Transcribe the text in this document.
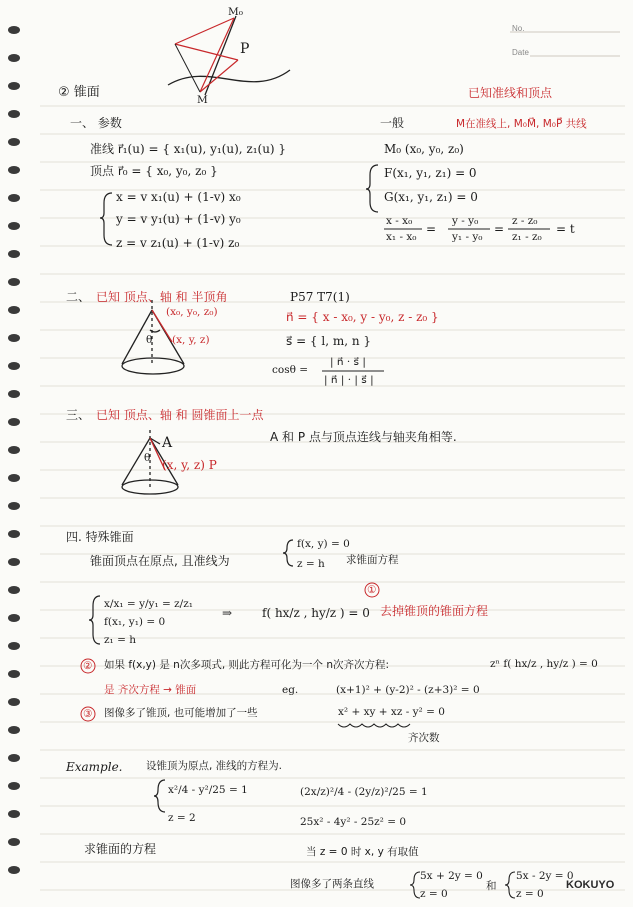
No.
Date
M₀
P
M
② 锥面	已知准线和顶点
一、 参数
准线 r⃗₁(u) = { x₁(u), y₁(u), z₁(u) }
顶点 r⃗₀ = { x₀, y₀, z₀ }
x = v x₁(u) + (1-v) x₀
y = v y₁(u) + (1-v) y₀
z = v z₁(u) + (1-v) z₀
一般	M在准线上, M₀M⃗, M₀P⃗ 共线
M₀ (x₀, y₀, z₀)
F(x₁, y₁, z₁) = 0
G(x₁, y₁, z₁) = 0
x - x₀
x₁ - x₀
=
y - y₀
y₁ - y₀
=
z - z₀
z₁ - z₀
= t
二、 已知 顶点、轴 和 半顶角	P57 T7(1)
(x₀, y₀, z₀)
(x, y, z)
θ
n⃗ = { x - x₀, y - y₀, z - z₀ }
s⃗ = { l, m, n }
cosθ =
| n⃗ · s⃗ |
| n⃗ | · | s⃗ |
三、 已知 顶点、轴 和 圆锥面上一点
A
θ (x, y, z) P
A 和 P 点与顶点连线与轴夹角相等.
四. 特殊锥面
锥面顶点在原点, 且准线为
f(x, y) = 0
z = h 求锥面方程
x/x₁ = y/y₁ = z/z₁
f(x₁, y₁) = 0
z₁ = h
⇒ f( hx/z , hy/z ) = 0
①
去掉锥顶的锥面方程
② 如果 f(x,y) 是 n次多项式, 则此方程可化为一个 n次齐次方程:	zⁿ f( hx/z , hy/z ) = 0
是 齐次方程 → 锥面	eg.	(x+1)² + (y-2)² - (z+3)² = 0
③ 图像多了锥顶, 也可能增加了一些	x² + xy + xz - y² = 0
齐次数
Example. 设锥顶为原点, 准线的方程为.
x²/4 - y²/25 = 1
z = 2
求锥面的方程
(2x/z)²/4 - (2y/z)²/25 = 1
25x² - 4y² - 25z² = 0
当 z = 0 时 x, y 有取值
图像多了两条直线
5x + 2y = 0
z = 0
和
5x - 2y = 0
z = 0
KOKUYO
